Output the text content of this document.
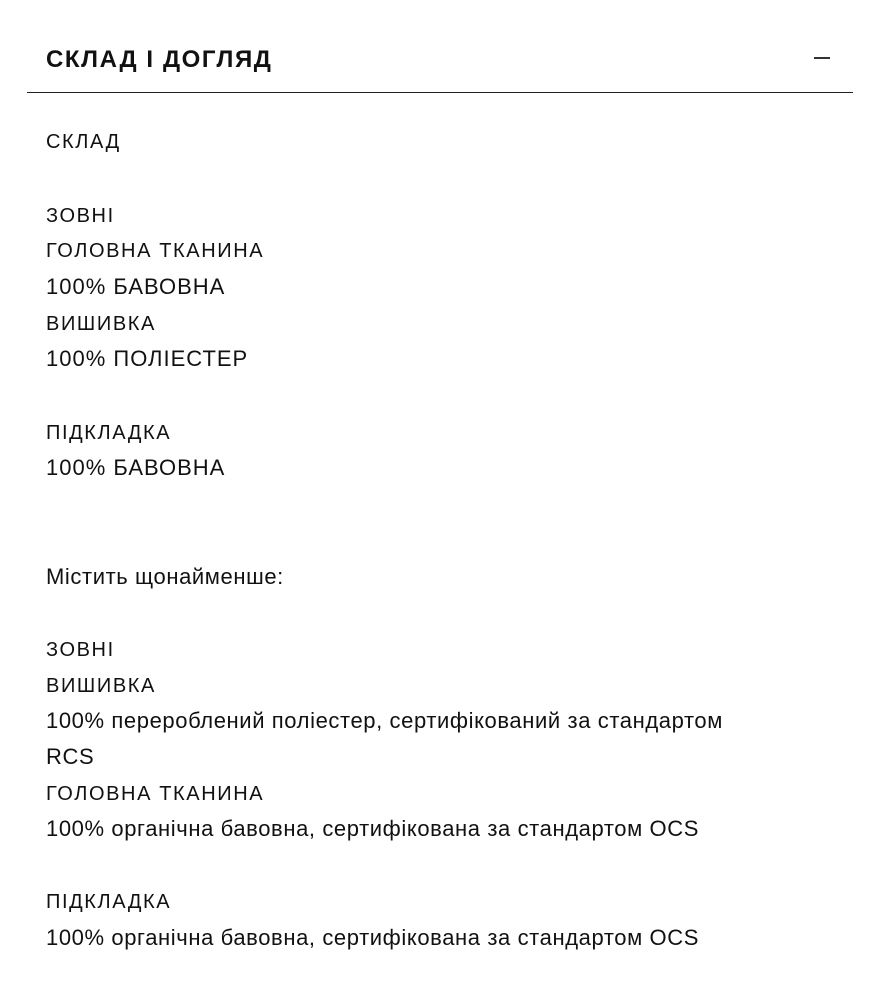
СКЛАД І ДОГЛЯД
СКЛАД
ЗОВНІ
ГОЛОВНА ТКАНИНА
100% БАВОВНА
ВИШИВКА
100% ПОЛІЕСТЕР
ПІДКЛАДКА
100% БАВОВНА
Містить щонайменше:
ЗОВНІ
ВИШИВКА
100% перероблений поліестер, сертифікований за стандартом
RCS
ГОЛОВНА ТКАНИНА
100% органічна бавовна, сертифікована за стандартом OCS
ПІДКЛАДКА
100% органічна бавовна, сертифікована за стандартом OCS
